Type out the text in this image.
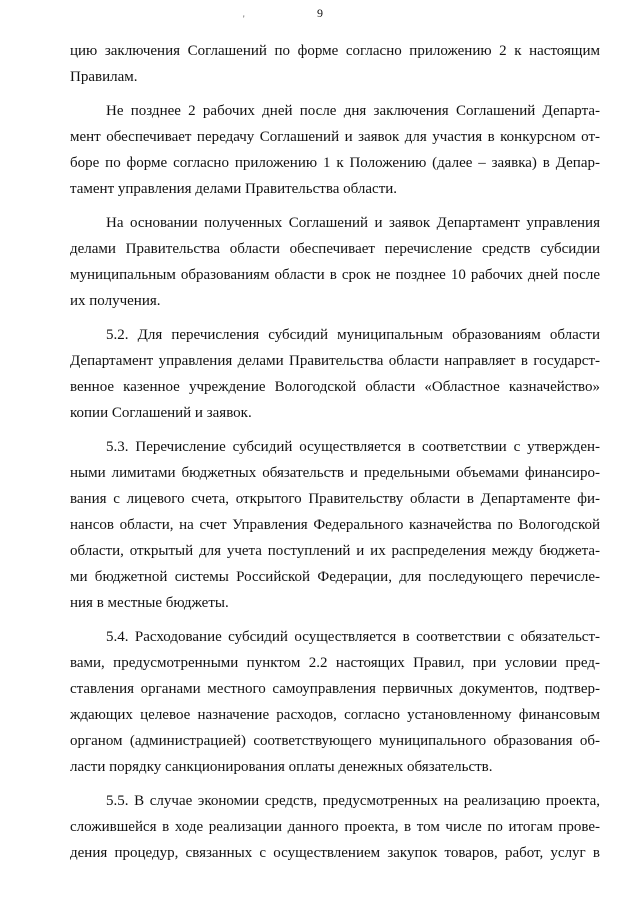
9
'
цию заключения Соглашений по форме согласно приложению 2 к настоящим
Правилам.
Не позднее 2 рабочих дней после дня заключения Соглашений Департа-
мент обеспечивает передачу Соглашений и заявок для участия в конкурсном от-
боре по форме согласно приложению 1 к Положению (далее – заявка) в Депар-
тамент управления делами Правительства области.
На основании полученных Соглашений и заявок Департамент управления
делами Правительства области обеспечивает перечисление средств субсидии
муниципальным образованиям области в срок не позднее 10 рабочих дней после
их получения.
5.2. Для перечисления субсидий муниципальным образованиям области
Департамент управления делами Правительства области направляет в государст-
венное казенное учреждение Вологодской области «Областное казначейство»
копии Соглашений и заявок.
5.3. Перечисление субсидий осуществляется в соответствии с утвержден-
ными лимитами бюджетных обязательств и предельными объемами финансиро-
вания с лицевого счета, открытого Правительству области в Департаменте фи-
нансов области, на счет Управления Федерального казначейства по Вологодской
области, открытый для учета поступлений и их распределения между бюджета-
ми бюджетной системы Российской Федерации, для последующего перечисле-
ния в местные бюджеты.
5.4. Расходование субсидий осуществляется в соответствии с обязательст-
вами, предусмотренными пунктом 2.2 настоящих Правил, при условии пред-
ставления органами местного самоуправления первичных документов, подтвер-
ждающих целевое назначение расходов, согласно установленному финансовым
органом (администрацией) соответствующего муниципального образования об-
ласти порядку санкционирования оплаты денежных обязательств.
5.5. В случае экономии средств, предусмотренных на реализацию проекта,
сложившейся в ходе реализации данного проекта, в том числе по итогам прове-
дения процедур, связанных с осуществлением закупок товаров, работ, услуг в
